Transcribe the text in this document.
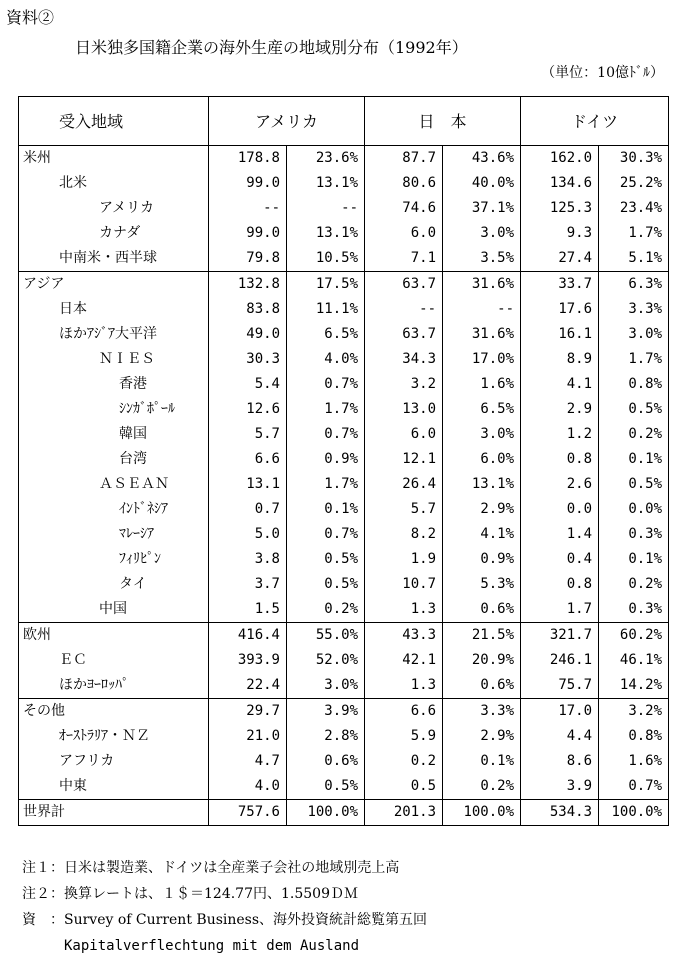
資料②
日米独多国籍企業の海外生産の地域別分布（1992年）
（単位：10億ﾄﾞﾙ）
受入地域	アメリカ		日　本		ドイツ	
米州	178.8	23.6%	87.7	43.6%	162.0	30.3%
北米	99.0	13.1%	80.6	40.0%	134.6	25.2%
アメリカ	--	--	74.6	37.1%	125.3	23.4%
カナダ	99.0	13.1%	6.0	3.0%	9.3	1.7%
中南米・西半球	79.8	10.5%	7.1	3.5%	27.4	5.1%
アジア	132.8	17.5%	63.7	31.6%	33.7	6.3%
日本	83.8	11.1%	--	--	17.6	3.3%
ほかｱｼﾞｱ大平洋	49.0	6.5%	63.7	31.6%	16.1	3.0%
ＮＩＥＳ	30.3	4.0%	34.3	17.0%	8.9	1.7%
香港	5.4	0.7%	3.2	1.6%	4.1	0.8%
ｼﾝｶﾞﾎﾟｰﾙ	12.6	1.7%	13.0	6.5%	2.9	0.5%
韓国	5.7	0.7%	6.0	3.0%	1.2	0.2%
台湾	6.6	0.9%	12.1	6.0%	0.8	0.1%
ＡＳＥＡＮ	13.1	1.7%	26.4	13.1%	2.6	0.5%
ｲﾝﾄﾞﾈｼｱ	0.7	0.1%	5.7	2.9%	0.0	0.0%
ﾏﾚｰｼｱ	5.0	0.7%	8.2	4.1%	1.4	0.3%
ﾌｨﾘﾋﾟﾝ	3.8	0.5%	1.9	0.9%	0.4	0.1%
タイ	3.7	0.5%	10.7	5.3%	0.8	0.2%
中国	1.5	0.2%	1.3	0.6%	1.7	0.3%
欧州	416.4	55.0%	43.3	21.5%	321.7	60.2%
ＥＣ	393.9	52.0%	42.1	20.9%	246.1	46.1%
ほかﾖｰﾛｯﾊﾟ	22.4	3.0%	1.3	0.6%	75.7	14.2%
その他	29.7	3.9%	6.6	3.3%	17.0	3.2%
ｵｰｽﾄﾗﾘｱ・ＮＺ	21.0	2.8%	5.9	2.9%	4.4	0.8%
アフリカ	4.7	0.6%	0.2	0.1%	8.6	1.6%
中東	4.0	0.5%	0.5	0.2%	3.9	0.7%
世界計	757.6	100.0%	201.3	100.0%	534.3	100.0%
注１：日米は製造業、ドイツは全産業子会社の地域別売上高
注２：換算レートは、１＄＝124.77円、1.5509ＤＭ
資　：Survey of Current Business、海外投資統計総覧第五回
　　　Kapitalverflechtung mit dem Ausland
